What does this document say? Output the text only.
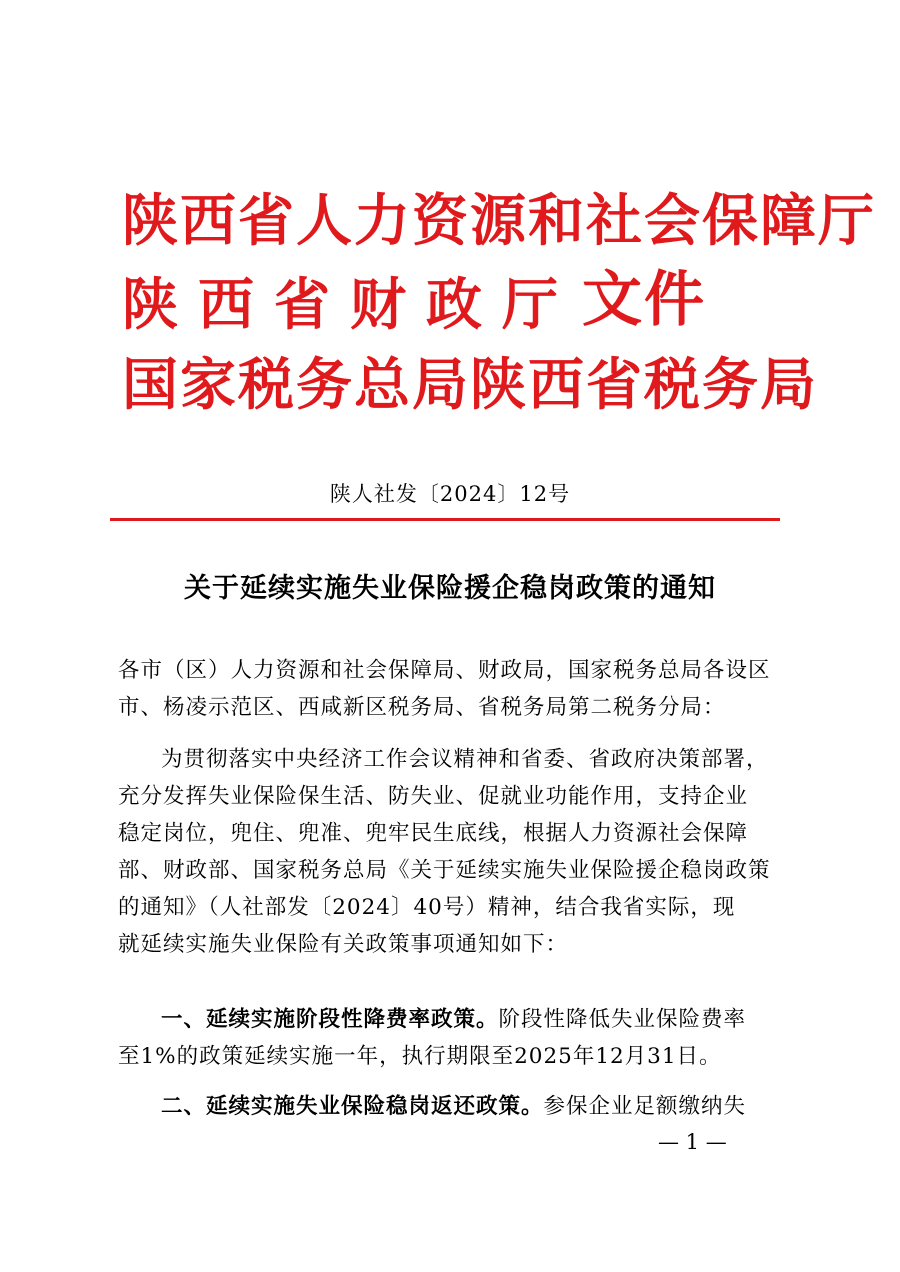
陕西省人力资源和社会保障厅
陕 西 省 财 政 厅 文件
国家税务总局陕西省税务局
陕人社发〔2024〕12号
关于延续实施失业保险援企稳岗政策的通知
各市（区）人力资源和社会保障局、财政局，国家税务总局各设区
市、杨凌示范区、西咸新区税务局、省税务局第二税务分局：
为贯彻落实中央经济工作会议精神和省委、省政府决策部署，
充分发挥失业保险保生活、防失业、促就业功能作用，支持企业
稳定岗位，兜住、兜准、兜牢民生底线，根据人力资源社会保障
部、财政部、国家税务总局《关于延续实施失业保险援企稳岗政策
的通知》（人社部发〔2024〕40号）精神，结合我省实际，现
就延续实施失业保险有关政策事项通知如下：
一、延续实施阶段性降费率政策。阶段性降低失业保险费率
至1%的政策延续实施一年，执行期限至2025年12月31日。
二、延续实施失业保险稳岗返还政策。参保企业足额缴纳失
— 1 —
